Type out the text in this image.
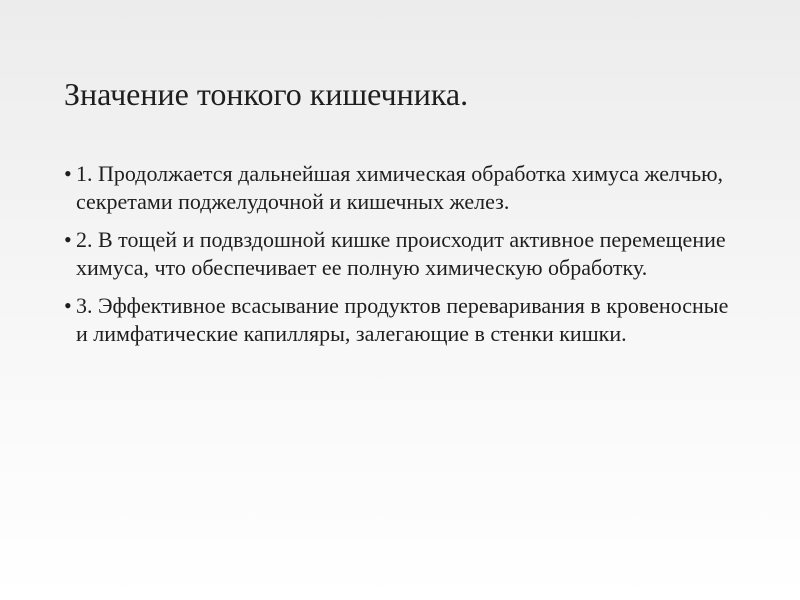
Значение тонкого кишечника.
• 1. Продолжается дальнейшая химическая обработка химуса желчью, секретами поджелудочной и кишечных желез.
• 2. В тощей и подвздошной кишке происходит активное перемещение химуса, что обеспечивает ее полную химическую обработку.
• 3. Эффективное всасывание продуктов переваривания в кровеносные и лимфатические капилляры, залегающие в стенки кишки.
